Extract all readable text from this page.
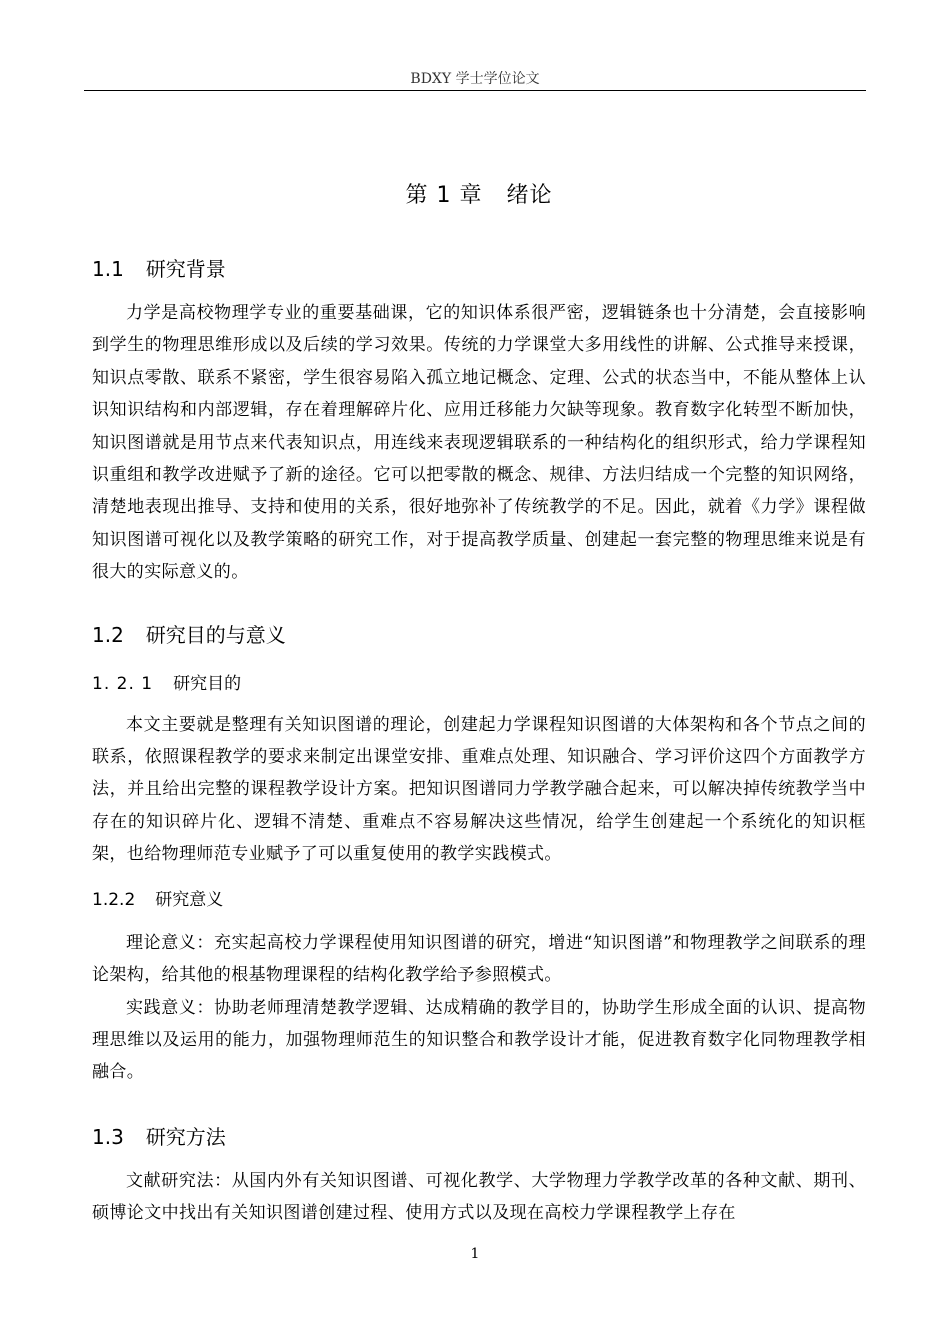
BDXY 学士学位论文
第 1 章 绪论
1.1 研究背景

力学是高校物理学专业的重要基础课，它的知识体系很严密，逻辑链条也十分清楚，会直接影响到学生的物理思维形成以及后续的学习效果。传统的力学课堂大多用线性的讲解、公式推导来授课，知识点零散、联系不紧密，学生很容易陷入孤立地记概念、定理、公式的状态当中，不能从整体上认识知识结构和内部逻辑，存在着理解碎片化、应用迁移能力欠缺等现象。教育数字化转型不断加快，知识图谱就是用节点来代表知识点，用连线来表现逻辑联系的一种结构化的组织形式，给力学课程知识重组和教学改进赋予了新的途径。它可以把零散的概念、规律、方法归结成一个完整的知识网络，清楚地表现出推导、支持和使用的关系，很好地弥补了传统教学的不足。因此，就着《力学》课程做知识图谱可视化以及教学策略的研究工作，对于提高教学质量、创建起一套完整的物理思维来说是有很大的实际意义的。

1.2 研究目的与意义
1. 2. 1 研究目的

本文主要就是整理有关知识图谱的理论，创建起力学课程知识图谱的大体架构和各个节点之间的联系，依照课程教学的要求来制定出课堂安排、重难点处理、知识融合、学习评价这四个方面教学方法，并且给出完整的课程教学设计方案。把知识图谱同力学教学融合起来，可以解决掉传统教学当中存在的知识碎片化、逻辑不清楚、重难点不容易解决这些情况，给学生创建起一个系统化的知识框架，也给物理师范专业赋予了可以重复使用的教学实践模式。

1.2.2 研究意义

理论意义：充实起高校力学课程使用知识图谱的研究，增进“知识图谱”和物理教学之间联系的理论架构，给其他的根基物理课程的结构化教学给予参照模式。

实践意义：协助老师理清楚教学逻辑、达成精确的教学目的，协助学生形成全面的认识、提高物理思维以及运用的能力，加强物理师范生的知识整合和教学设计才能，促进教育数字化同物理教学相融合。

1.3 研究方法

文献研究法：从国内外有关知识图谱、可视化教学、大学物理力学教学改革的各种文献、期刊、硕博论文中找出有关知识图谱创建过程、使用方式以及现在高校力学课程教学上存在

1
